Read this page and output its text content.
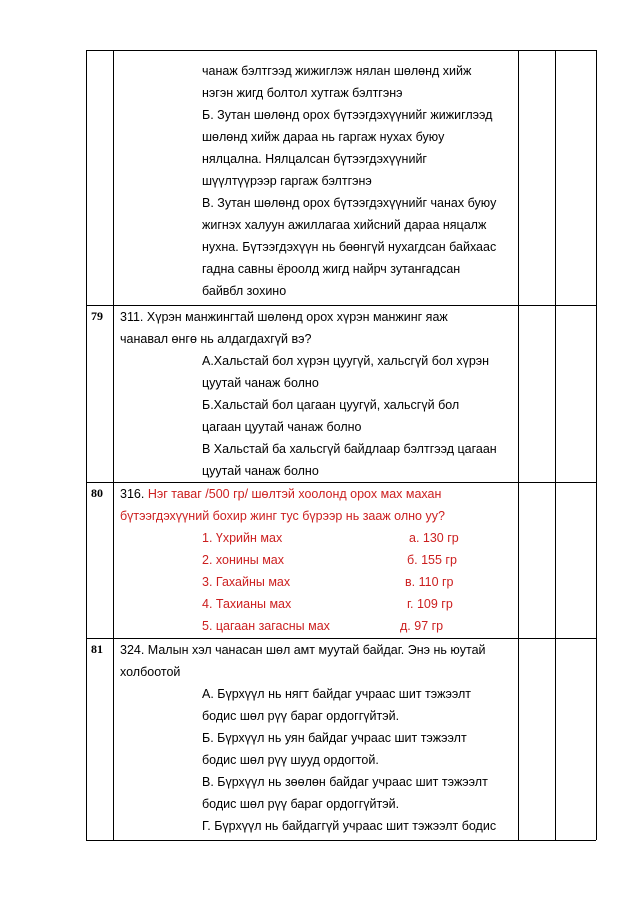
чанаж бэлтгээд жижиглэж нялан шөлөнд хийж
нэгэн жигд болтол хутгаж бэлтгэнэ
Б. Зутан шөлөнд орох бүтээгдэхүүнийг жижиглээд
шөлөнд хийж дараа нь гаргаж нухах буюу
нялцална. Нялцалсан бүтээгдэхүүнийг
шүүлтүүрээр гаргаж бэлтгэнэ
В. Зутан шөлөнд орох бүтээгдэхүүнийг чанах буюу
жигнэх халуун ажиллагаа хийсний дараа няцалж
нухна. Бүтээгдэхүүн нь бөөнгүй нухагдсан байхаас
гадна савны ёроолд жигд найрч зутангадсан
байвбл зохино
79 311. Хүрэн манжингтай шөлөнд орох хүрэн манжинг яаж
чанавал өнгө нь алдагдахгүй вэ?
А.Хальстай бол хүрэн цуугүй, хальсгүй бол хүрэн
цуутай чанаж болно
Б.Хальстай бол цагаан цуугүй, хальсгүй бол
цагаан цуутай чанаж болно
В Хальстай ба хальсгүй байдлаар бэлтгээд цагаан
цуутай чанаж болно
80 316. Нэг таваг /500 гр/ шөлтэй хоолонд орох мах махан
бүтээгдэхүүний бохир жинг тус бүрээр нь зааж олно уу?
1. Үхрийн мах	а. 130 гр
2. хонины мах	б. 155 гр
3. Гахайны мах	в. 110 гр
4. Тахианы мах	г. 109 гр
5. цагаан загасны мах	д. 97 гр
81 324. Малын хэл чанасан шөл амт муутай байдаг. Энэ нь юутай
холбоотой
А. Бүрхүүл нь нягт байдаг учраас шит тэжээлт
бодис шөл рүү бараг ордоггүйтэй.
Б. Бүрхүүл нь уян байдаг учраас шит тэжээлт
бодис шөл рүү шууд ордогтой.
В. Бүрхүүл нь зөөлөн байдаг учраас шит тэжээлт
бодис шөл рүү бараг ордоггүйтэй.
Г. Бүрхүүл нь байдаггүй учраас шит тэжээлт бодис
